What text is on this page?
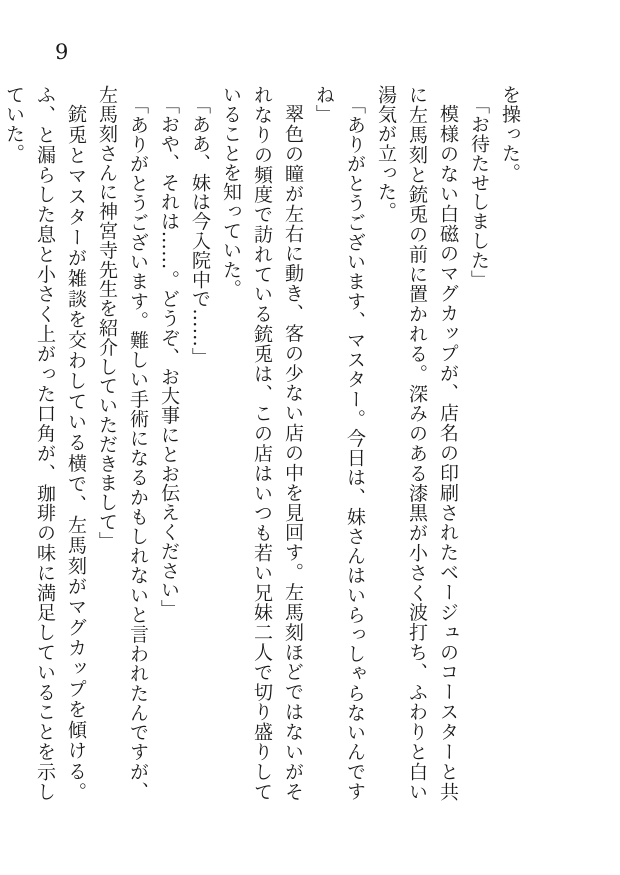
9

を操った。

「お待たせしました」

模様のない白磁のマグカップが、店名の印刷されたベージュのコースターと共に左馬刻と銃兎の前に置かれる。深みのある漆黒が小さく波打ち、ふわりと白い湯気が立った。

「ありがとうございます、マスター。今日は、妹さんはいらっしゃらないんですね」

翠色の瞳が左右に動き、客の少ない店の中を見回す。左馬刻ほどではないがそれなりの頻度で訪れている銃兎は、この店はいつも若い兄妹二人で切り盛りしていることを知っていた。

「ああ、妹は今入院中で……」

「おや、それは……。どうぞ、お大事にとお伝えください」

「ありがとうございます。難しい手術になるかもしれないと言われたんですが、左馬刻さんに神宮寺先生を紹介していただきまして」

銃兎とマスターが雑談を交わしている横で、左馬刻がマグカップを傾ける。ふ、と漏らした息と小さく上がった口角が、珈琲の味に満足していることを示していた。
